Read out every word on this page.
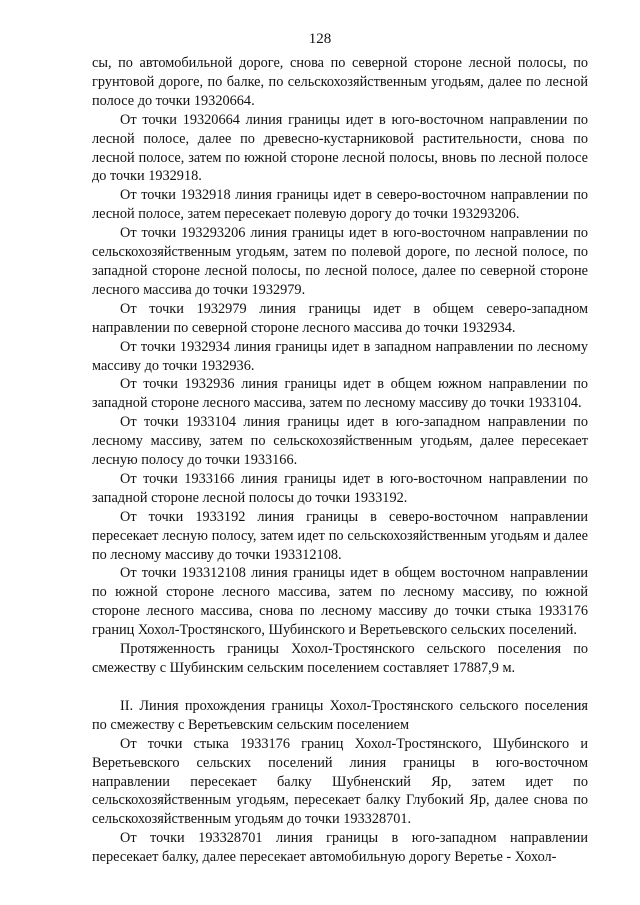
128

сы, по автомобильной дороге, снова по северной стороне лесной полосы, по грунтовой дороге, по балке, по сельскохозяйственным угодьям, далее по лесной полосе до точки 19320664.

От точки 19320664 линия границы идет в юго-восточном направлении по лесной полосе, далее по древесно-кустарниковой растительности, снова по лесной полосе, затем по южной стороне лесной полосы, вновь по лесной полосе до точки 1932918.

От точки 1932918 линия границы идет в северо-восточном направлении по лесной полосе, затем пересекает полевую дорогу до точки 193293206.

От точки 193293206 линия границы идет в юго-восточном направлении по сельскохозяйственным угодьям, затем по полевой дороге, по лесной полосе, по западной стороне лесной полосы, по лесной полосе, далее по северной стороне лесного массива до точки 1932979.

От точки 1932979 линия границы идет в общем северо-западном направлении по северной стороне лесного массива до точки 1932934.

От точки 1932934 линия границы идет в западном направлении по лесному массиву до точки 1932936.

От точки 1932936 линия границы идет в общем южном направлении по западной стороне лесного массива, затем по лесному массиву до точки 1933104.

От точки 1933104 линия границы идет в юго-западном направлении по лесному массиву, затем по сельскохозяйственным угодьям, далее пересекает лесную полосу до точки 1933166.

От точки 1933166 линия границы идет в юго-восточном направлении по западной стороне лесной полосы до точки 1933192.

От точки 1933192 линия границы в северо-восточном направлении пересекает лесную полосу, затем идет по сельскохозяйственным угодьям и далее по лесному массиву до точки 193312108.

От точки 193312108 линия границы идет в общем восточном направлении по южной стороне лесного массива, затем по лесному массиву, по южной стороне лесного массива, снова по лесному массиву до точки стыка 1933176 границ Хохол-Тростянского, Шубинского и Веретьевского сельских поселений.

Протяженность границы Хохол-Тростянского сельского поселения по смежеству с Шубинским сельским поселением составляет 17887,9 м.

II. Линия прохождения границы Хохол-Тростянского сельского поселения по смежеству с Веретьевским сельским поселением

От точки стыка 1933176 границ Хохол-Тростянского, Шубинского и Веретьевского сельских поселений линия границы в юго-восточном направлении пересекает балку Шубненский Яр, затем идет по сельскохозяйственным угодьям, пересекает балку Глубокий Яр, далее снова по сельскохозяйственным угодьям до точки 193328701.

От точки 193328701 линия границы в юго-западном направлении пересекает балку, далее пересекает автомобильную дорогу Веретье - Хохол-
